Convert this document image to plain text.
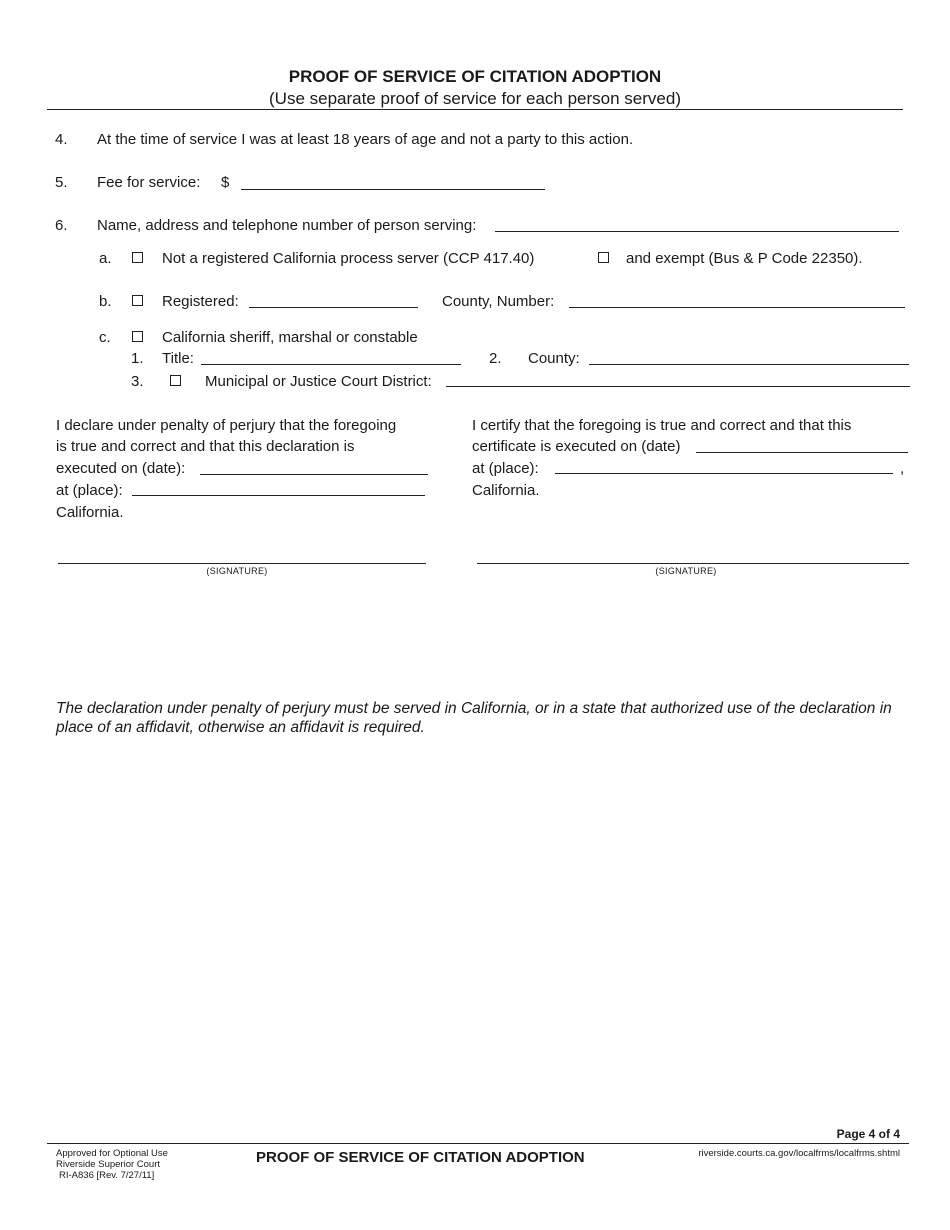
PROOF OF SERVICE OF CITATION ADOPTION
(Use separate proof of service for each person served)
4. At the time of service I was at least 18 years of age and not a party to this action.
5. Fee for service: $
6. Name, address and telephone number of person serving:
a.	Not a registered California process server (CCP 417.40)	and exempt (Bus & P Code 22350).
b.	Registered:	County, Number:
c.	California sheriff, marshal or constable
1. Title:	2. County:
3.	Municipal or Justice Court District:
I declare under penalty of perjury that the foregoing
is true and correct and that this declaration is
executed on (date):
at (place):
California.
(SIGNATURE)
I certify that the foregoing is true and correct and that this
certificate is executed on (date)
at (place):	,
California.
(SIGNATURE)
The declaration under penalty of perjury must be served in California, or in a state that authorized use of the declaration in place of an affidavit, otherwise an affidavit is required.
Page 4 of 4
Approved for Optional Use
Riverside Superior Court
RI-A836 [Rev. 7/27/11]
PROOF OF SERVICE OF CITATION ADOPTION	riverside.courts.ca.gov/localfrms/localfrms.shtml
